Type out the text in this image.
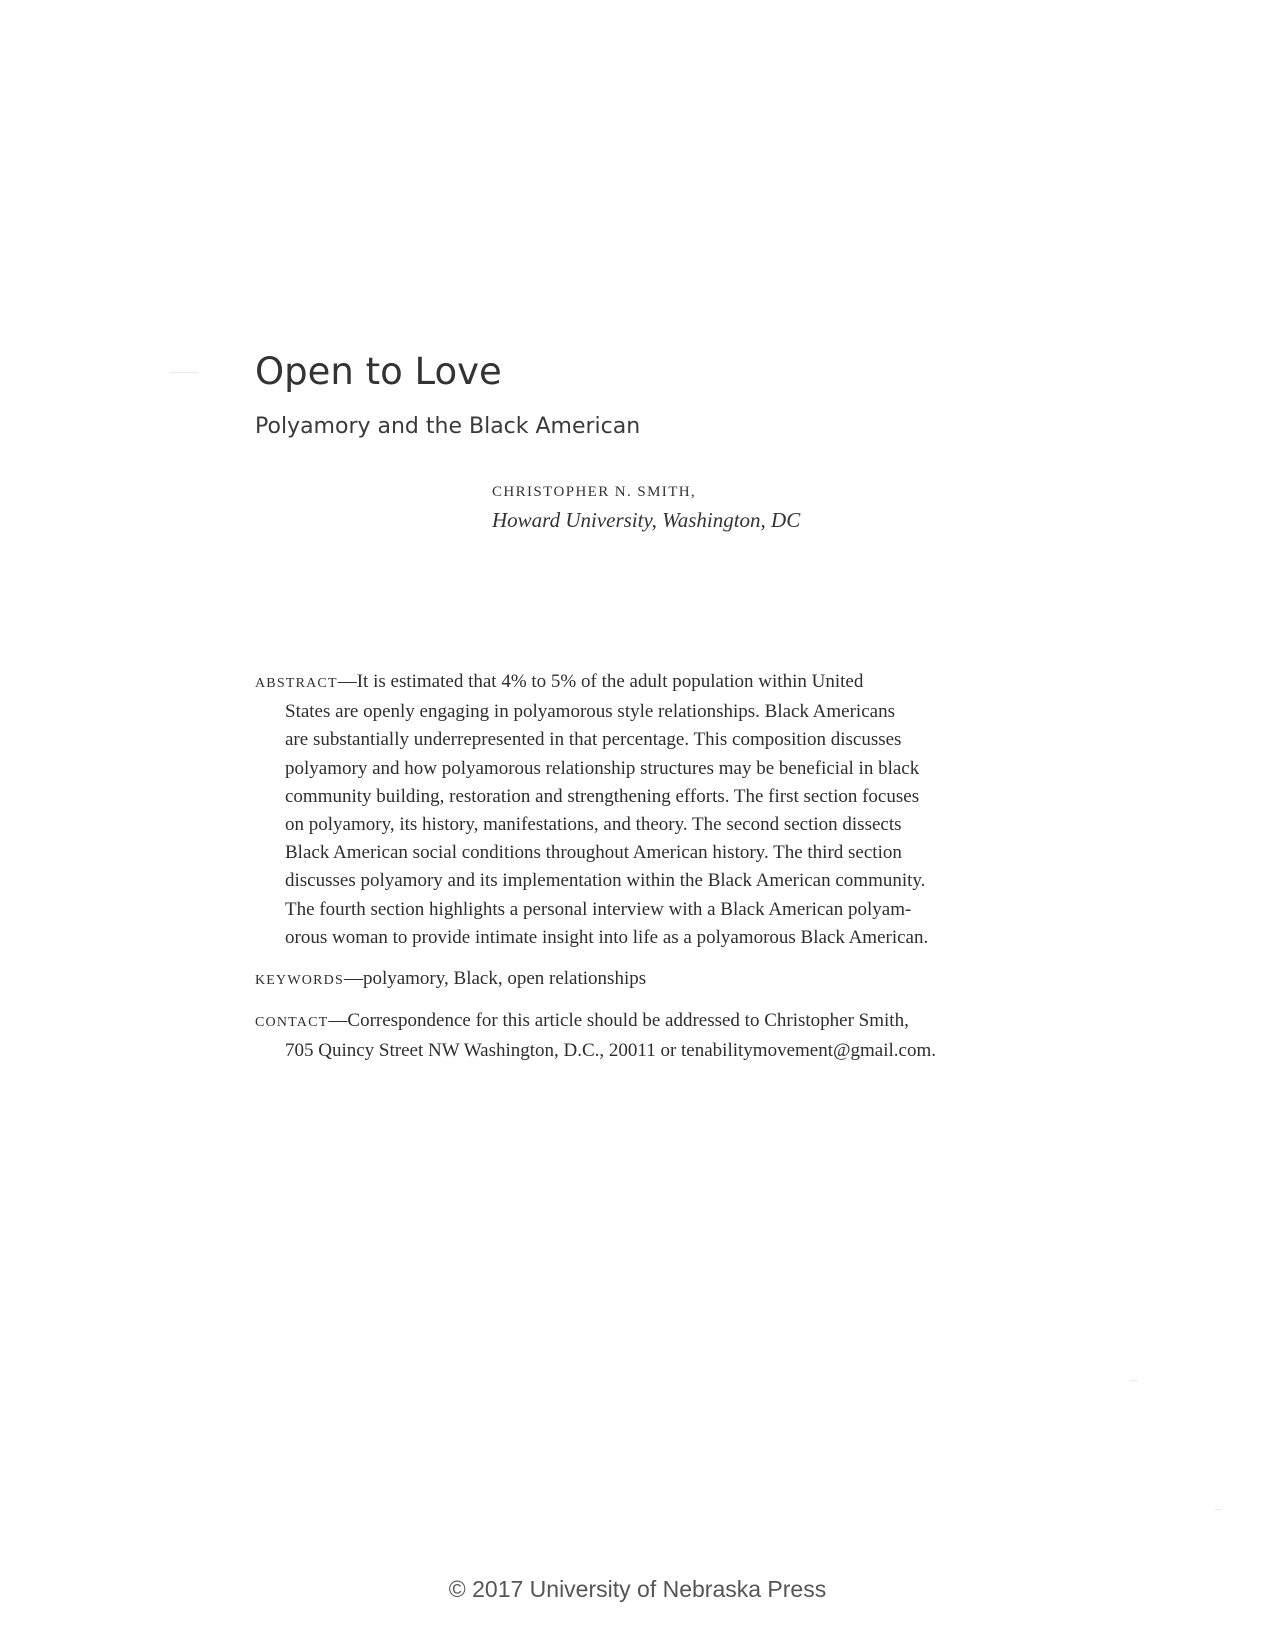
Open to Love
Polyamory and the Black American
CHRISTOPHER N. SMITH,
Howard University, Washington, DC
ABSTRACT—It is estimated that 4% to 5% of the adult population within United
States are openly engaging in polyamorous style relationships. Black Americans
are substantially underrepresented in that percentage. This composition discusses
polyamory and how polyamorous relationship structures may be beneficial in black
community building, restoration and strengthening efforts. The first section focuses
on polyamory, its history, manifestations, and theory. The second section dissects
Black American social conditions throughout American history. The third section
discusses polyamory and its implementation within the Black American community.
The fourth section highlights a personal interview with a Black American polyam-
orous woman to provide intimate insight into life as a polyamorous Black American.
KEYWORDS—polyamory, Black, open relationships
CONTACT—Correspondence for this article should be addressed to Christopher Smith,
705 Quincy Street NW Washington, D.C., 20011 or tenabilitymovement@gmail.com.
© 2017 University of Nebraska Press
